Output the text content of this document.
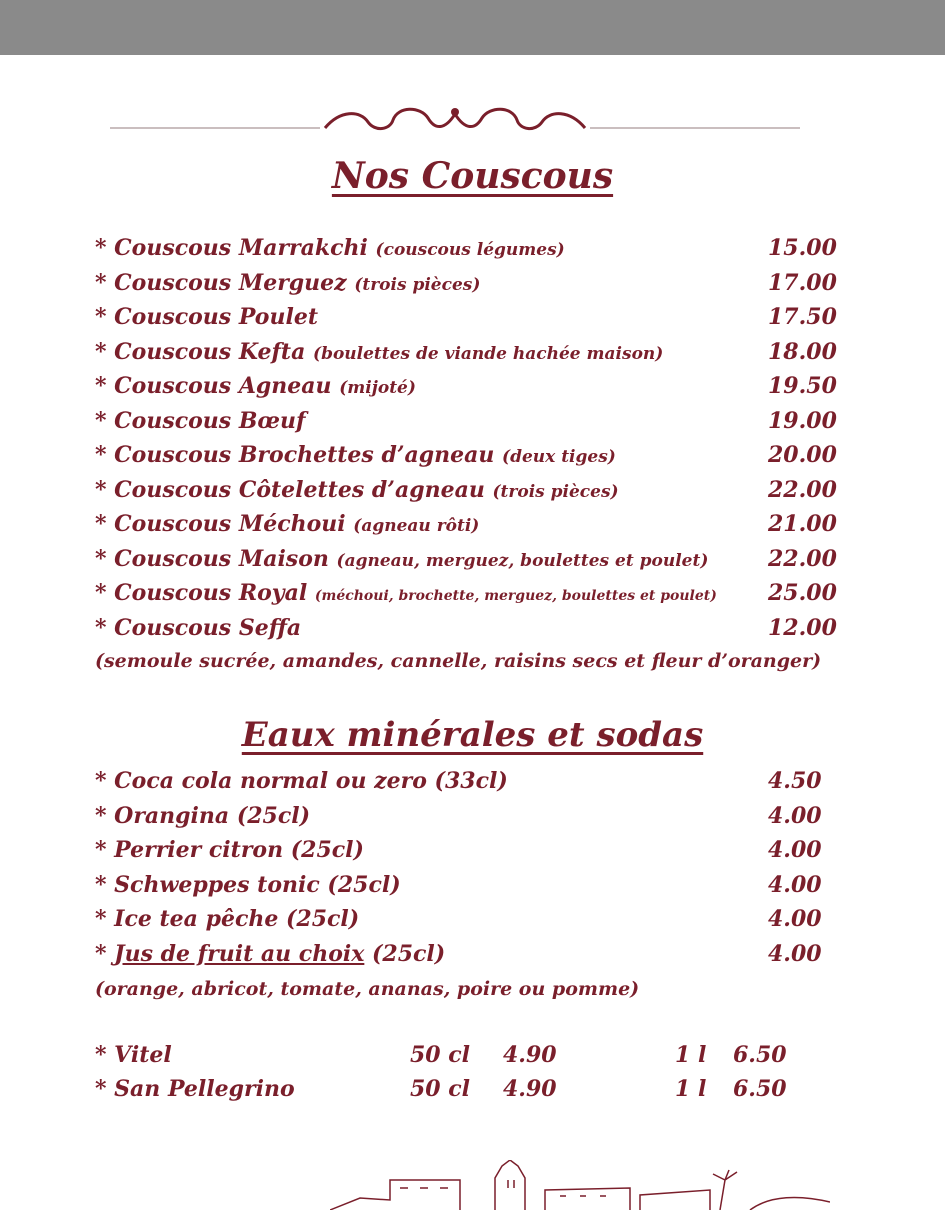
Nos Couscous
* Couscous Marrakchi (couscous légumes)	15.00
* Couscous Merguez (trois pièces)	17.00
* Couscous Poulet	17.50
* Couscous Kefta (boulettes de viande hachée maison)	18.00
* Couscous Agneau (mijoté)	19.50
* Couscous Bœuf	19.00
* Couscous Brochettes d’agneau (deux tiges)	20.00
* Couscous Côtelettes d’agneau (trois pièces)	22.00
* Couscous Méchoui (agneau rôti)	21.00
* Couscous Maison (agneau, merguez, boulettes et poulet)	22.00
* Couscous Royal (méchoui, brochette, merguez, boulettes et poulet) 25.00
* Couscous Seffa	12.00
(semoule sucrée, amandes, cannelle, raisins secs et fleur d’oranger)
Eaux minérales et sodas
* Coca cola normal ou zero (33cl)	4.50
* Orangina (25cl)	4.00
* Perrier citron (25cl)	4.00
* Schweppes tonic (25cl)	4.00
* Ice tea pêche (25cl)	4.00
* Jus de fruit au choix (25cl)	4.00
(orange, abricot, tomate, ananas, poire ou pomme)
* Vitel	50 cl 4.90	1 l 6.50
* San Pellegrino	50 cl 4.90	1 l 6.50
